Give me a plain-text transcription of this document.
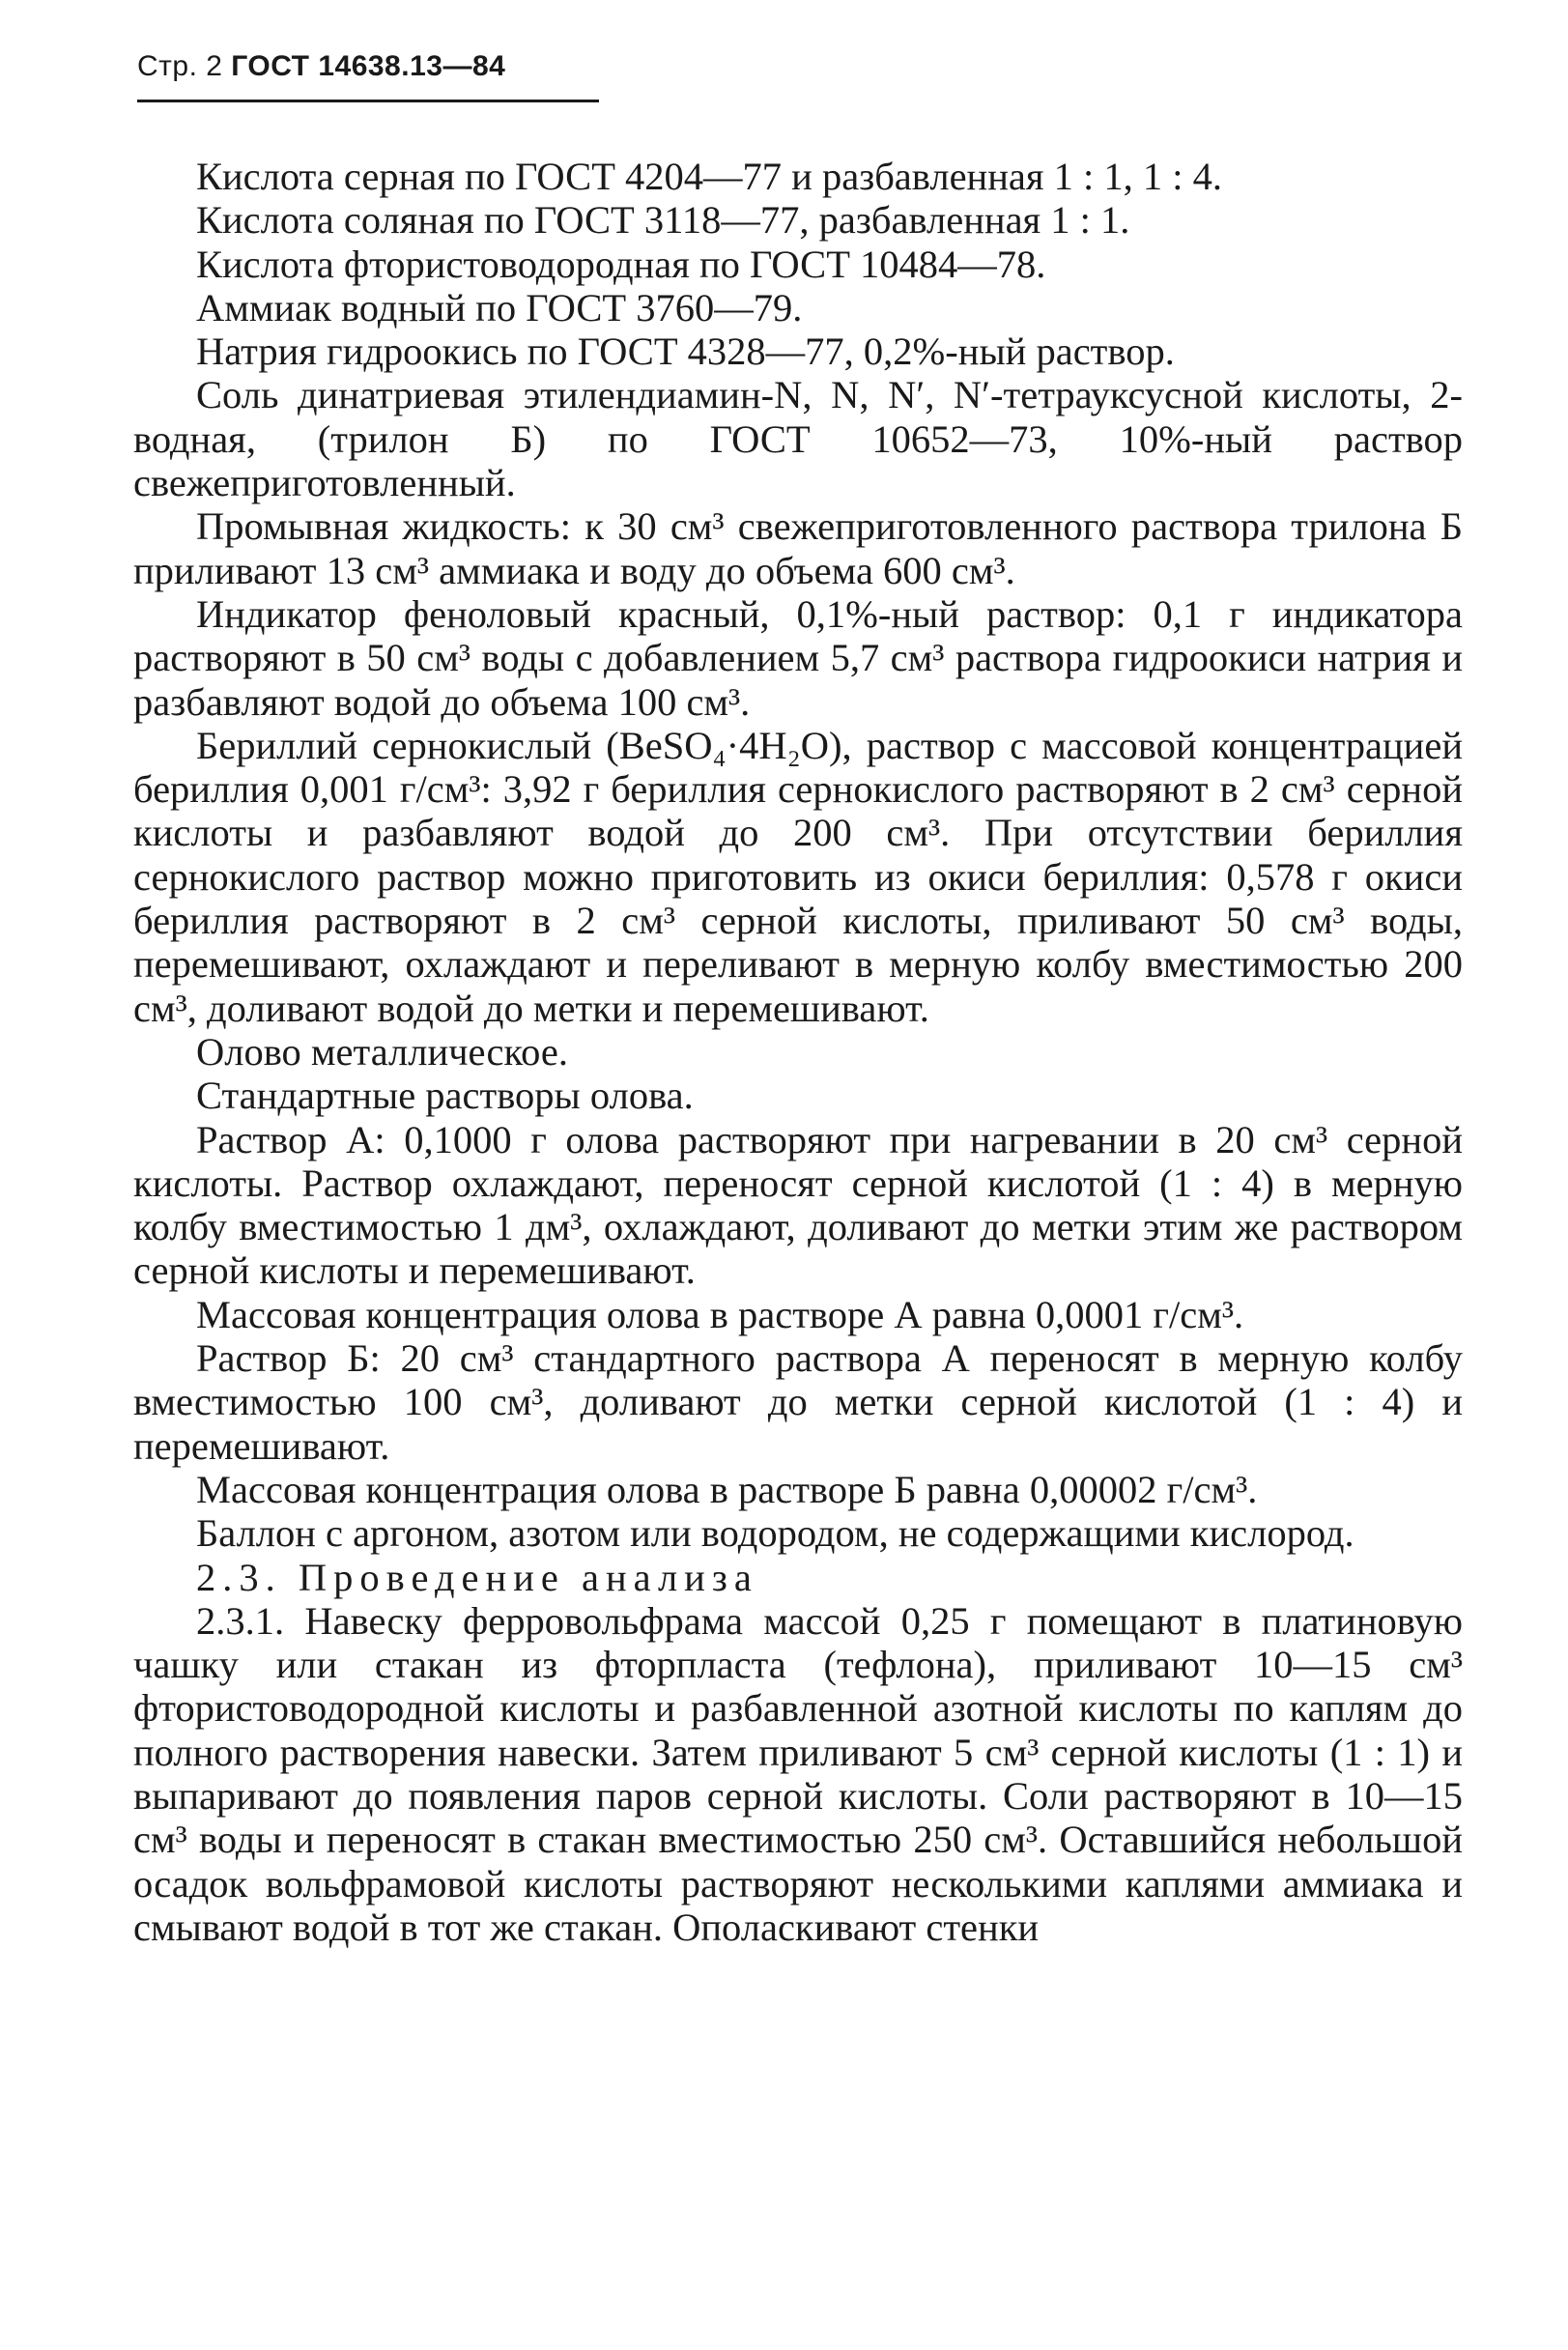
Стр. 2 ГОСТ 14638.13—84

Кислота серная по ГОСТ 4204—77 и разбавленная 1 : 1, 1 : 4.

Кислота соляная по ГОСТ 3118—77, разбавленная 1 : 1.

Кислота фтористоводородная по ГОСТ 10484—78.

Аммиак водный по ГОСТ 3760—79.

Натрия гидроокись по ГОСТ 4328—77, 0,2%-ный раствор.

Соль динатриевая этилендиамин-N, N, N′, N′-тетрауксусной кислоты, 2-водная, (трилон Б) по ГОСТ 10652—73, 10%-ный раствор свежеприготовленный.

Промывная жидкость: к 30 см³ свежеприготовленного раствора трилона Б приливают 13 см³ аммиака и воду до объема 600 см³.

Индикатор феноловый красный, 0,1%-ный раствор: 0,1 г индикатора растворяют в 50 см³ воды с добавлением 5,7 см³ раствора гидроокиси натрия и разбавляют водой до объема 100 см³.

Бериллий сернокислый (BeSO₄·4H₂O), раствор с массовой концентрацией бериллия 0,001 г/см³: 3,92 г бериллия сернокислого растворяют в 2 см³ серной кислоты и разбавляют водой до 200 см³. При отсутствии бериллия сернокислого раствор можно приготовить из окиси бериллия: 0,578 г окиси бериллия растворяют в 2 см³ серной кислоты, приливают 50 см³ воды, перемешивают, охлаждают и переливают в мерную колбу вместимостью 200 см³, доливают водой до метки и перемешивают.

Олово металлическое.

Стандартные растворы олова.

Раствор А: 0,1000 г олова растворяют при нагревании в 20 см³ серной кислоты. Раствор охлаждают, переносят серной кислотой (1 : 4) в мерную колбу вместимостью 1 дм³, охлаждают, доливают до метки этим же раствором серной кислоты и перемешивают.

Массовая концентрация олова в растворе А равна 0,0001 г/см³.

Раствор Б: 20 см³ стандартного раствора А переносят в мерную колбу вместимостью 100 см³, доливают до метки серной кислотой (1 : 4) и перемешивают.

Массовая концентрация олова в растворе Б равна 0,00002 г/см³.

Баллон с аргоном, азотом или водородом, не содержащими кислород.

2.3. Проведение анализа

2.3.1. Навеску ферровольфрама массой 0,25 г помещают в платиновую чашку или стакан из фторпласта (тефлона), приливают 10—15 см³ фтористоводородной кислоты и разбавленной азотной кислоты по каплям до полного растворения навески. Затем приливают 5 см³ серной кислоты (1 : 1) и выпаривают до появления паров серной кислоты. Соли растворяют в 10—15 см³ воды и переносят в стакан вместимостью 250 см³. Оставшийся небольшой осадок вольфрамовой кислоты растворяют несколькими каплями аммиака и смывают водой в тот же стакан. Ополаскивают стенки
